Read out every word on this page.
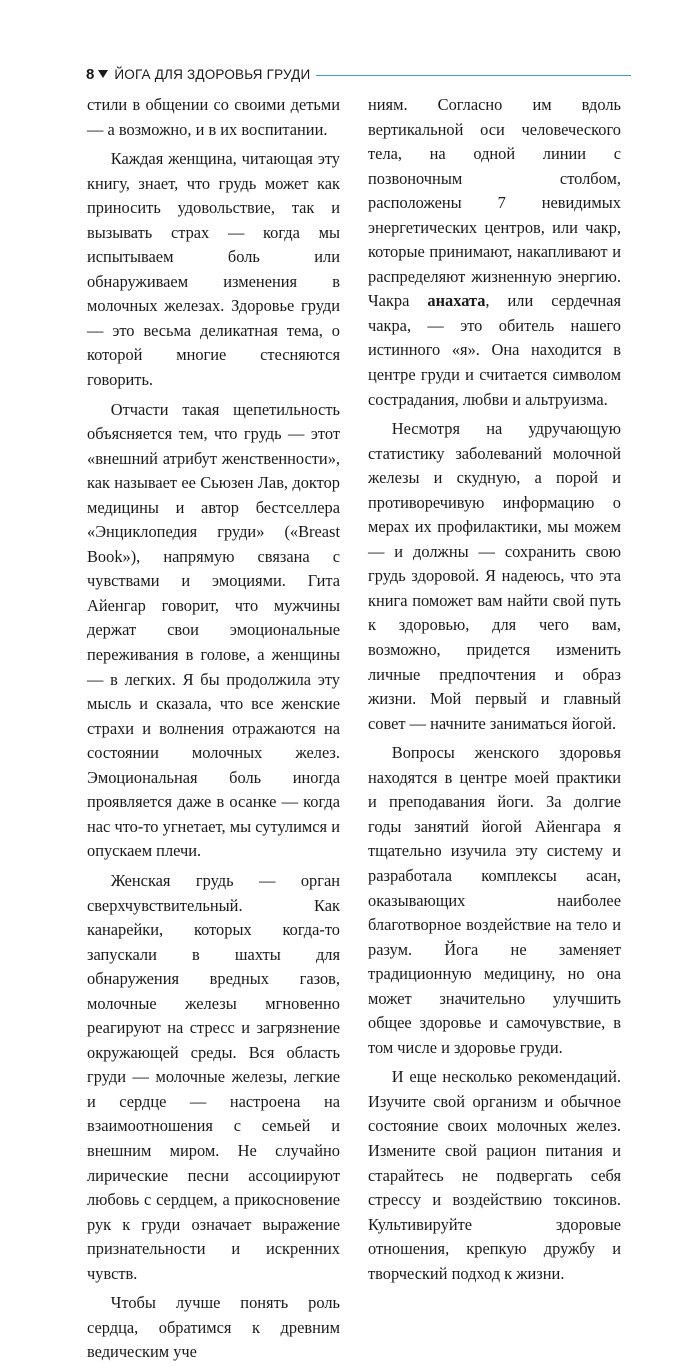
8 ЙОГА ДЛЯ ЗДОРОВЬЯ ГРУДИ

стили в общении со своими детьми — а возможно, и в их воспитании.

Каждая женщина, читающая эту книгу, знает, что грудь может как приносить удовольствие, так и вызывать страх — когда мы испытываем боль или обнаруживаем изменения в молочных железах. Здоровье груди — это весьма деликатная тема, о которой многие стесняются говорить.

Отчасти такая щепетильность объясняется тем, что грудь — этот «внешний атрибут женственности», как называет ее Сьюзен Лав, доктор медицины и автор бестселлера «Энциклопедия груди» («Breast Book»), напрямую связана с чувствами и эмоциями. Гита Айенгар говорит, что мужчины держат свои эмоциональные переживания в голове, а женщины — в легких. Я бы продолжила эту мысль и сказала, что все женские страхи и волнения отражаются на состоянии молочных желез. Эмоциональная боль иногда проявляется даже в осанке — когда нас что-то угнетает, мы сутулимся и опускаем плечи.

Женская грудь — орган сверхчувствительный. Как канарейки, которых когда-то запускали в шахты для обнаружения вредных газов, молочные железы мгновенно реагируют на стресс и загрязнение окружающей среды. Вся область груди — молочные железы, легкие и сердце — настроена на взаимоотношения с семьей и внешним миром. Не случайно лирические песни ассоциируют любовь с сердцем, а прикосновение рук к груди означает выражение признательности и искренних чувств.

Чтобы лучше понять роль сердца, обратимся к древним ведическим уче

ниям. Согласно им вдоль вертикальной оси человеческого тела, на одной линии с позвоночным столбом, расположены 7 невидимых энергетических центров, или чакр, которые принимают, накапливают и распределяют жизненную энергию. Чакра анахата, или сердечная чакра, — это обитель нашего истинного «я». Она находится в центре груди и считается символом сострадания, любви и альтруизма.

Несмотря на удручающую статистику заболеваний молочной железы и скудную, а порой и противоречивую информацию о мерах их профилактики, мы можем — и должны — сохранить свою грудь здоровой. Я надеюсь, что эта книга поможет вам найти свой путь к здоровью, для чего вам, возможно, придется изменить личные предпочтения и образ жизни. Мой первый и главный совет — начните заниматься йогой.

Вопросы женского здоровья находятся в центре моей практики и преподавания йоги. За долгие годы занятий йогой Айенгара я тщательно изучила эту систему и разработала комплексы асан, оказывающих наиболее благотворное воздействие на тело и разум. Йога не заменяет традиционную медицину, но она может значительно улучшить общее здоровье и самочувствие, в том числе и здоровье груди.

И еще несколько рекомендаций. Изучите свой организм и обычное состояние своих молочных желез. Измените свой рацион питания и старайтесь не подвергать себя стрессу и воздействию токсинов. Культивируйте здоровые отношения, крепкую дружбу и творческий подход к жизни.
